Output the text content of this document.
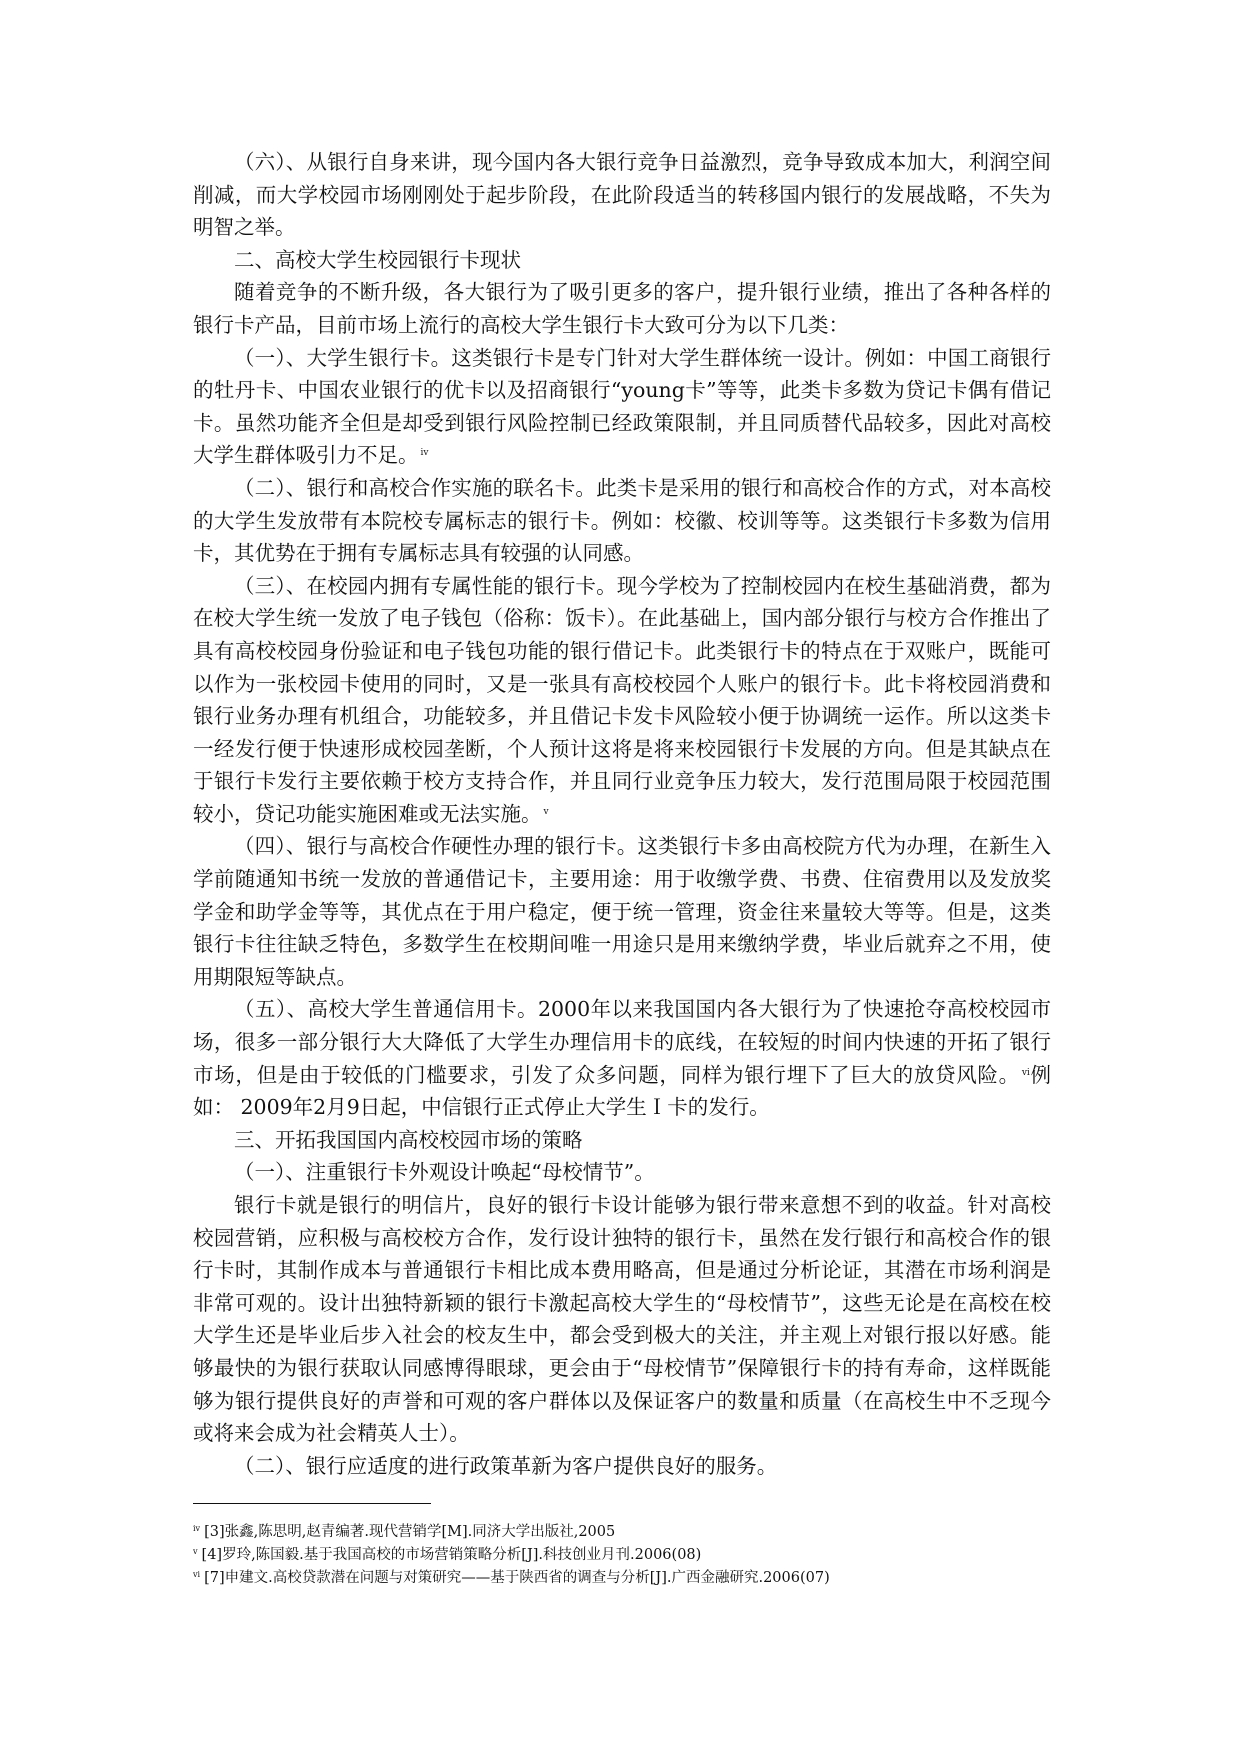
（六）、从银行自身来讲，现今国内各大银行竞争日益激烈，竞争导致成本加大，利润空间削减，而大学校园市场刚刚处于起步阶段，在此阶段适当的转移国内银行的发展战略，不失为明智之举。

二、高校大学生校园银行卡现状

随着竞争的不断升级，各大银行为了吸引更多的客户，提升银行业绩，推出了各种各样的银行卡产品，目前市场上流行的高校大学生银行卡大致可分为以下几类：

（一）、大学生银行卡。这类银行卡是专门针对大学生群体统一设计。例如：中国工商银行的牡丹卡、中国农业银行的优卡以及招商银行“young卡”等等，此类卡多数为贷记卡偶有借记卡。虽然功能齐全但是却受到银行风险控制已经政策限制，并且同质替代品较多，因此对高校大学生群体吸引力不足。 $^{iv}$

（二）、银行和高校合作实施的联名卡。此类卡是采用的银行和高校合作的方式，对本高校的大学生发放带有本院校专属标志的银行卡。例如：校徽、校训等等。这类银行卡多数为信用卡，其优势在于拥有专属标志具有较强的认同感。

（三）、在校园内拥有专属性能的银行卡。现今学校为了控制校园内在校生基础消费，都为在校大学生统一发放了电子钱包（俗称：饭卡）。在此基础上，国内部分银行与校方合作推出了具有高校校园身份验证和电子钱包功能的银行借记卡。此类银行卡的特点在于双账户，既能可以作为一张校园卡使用的同时，又是一张具有高校校园个人账户的银行卡。此卡将校园消费和银行业务办理有机组合，功能较多，并且借记卡发卡风险较小便于协调统一运作。所以这类卡一经发行便于快速形成校园垄断，个人预计这将是将来校园银行卡发展的方向。但是其缺点在于银行卡发行主要依赖于校方支持合作，并且同行业竞争压力较大，发行范围局限于校园范围较小，贷记功能实施困难或无法实施。 $^v$

（四）、银行与高校合作硬性办理的银行卡。这类银行卡多由高校院方代为办理，在新生入学前随通知书统一发放的普通借记卡，主要用途：用于收缴学费、书费、住宿费用以及发放奖学金和助学金等等，其优点在于用户稳定，便于统一管理，资金往来量较大等等。但是，这类银行卡往往缺乏特色，多数学生在校期间唯一用途只是用来缴纳学费，毕业后就弃之不用，使用期限短等缺点。

（五）、高校大学生普通信用卡。2000年以来我国国内各大银行为了快速抢夺高校校园市场，很多一部分银行大大降低了大学生办理信用卡的底线，在较短的时间内快速的开拓了银行市场，但是由于较低的门槛要求，引发了众多问题，同样为银行埋下了巨大的放贷风险。 $^{vi}$例如： 2009年2月9日起，中信银行正式停止大学生Ｉ卡的发行。

三、开拓我国国内高校校园市场的策略

（一）、注重银行卡外观设计唤起“母校情节”。

银行卡就是银行的明信片，良好的银行卡设计能够为银行带来意想不到的收益。针对高校校园营销，应积极与高校校方合作，发行设计独特的银行卡，虽然在发行银行和高校合作的银行卡时，其制作成本与普通银行卡相比成本费用略高，但是通过分析论证，其潜在市场利润是非常可观的。设计出独特新颖的银行卡激起高校大学生的“母校情节”，这些无论是在高校在校大学生还是毕业后步入社会的校友生中，都会受到极大的关注，并主观上对银行报以好感。能够最快的为银行获取认同感博得眼球，更会由于“母校情节”保障银行卡的持有寿命，这样既能够为银行提供良好的声誉和可观的客户群体以及保证客户的数量和质量（在高校生中不乏现今或将来会成为社会精英人士）。

（二）、银行应适度的进行政策革新为客户提供良好的服务。

$^{iv}$ [3]张鑫,陈思明,赵青编著.现代营销学[M].同济大学出版社,2005
$^v$ [4]罗玲,陈国毅.基于我国高校的市场营销策略分析[J].科技创业月刊.2006(08)
$^{vi}$ [7]申建文.高校贷款潜在问题与对策研究——基于陕西省的调查与分析[J].广西金融研究.2006(07)
